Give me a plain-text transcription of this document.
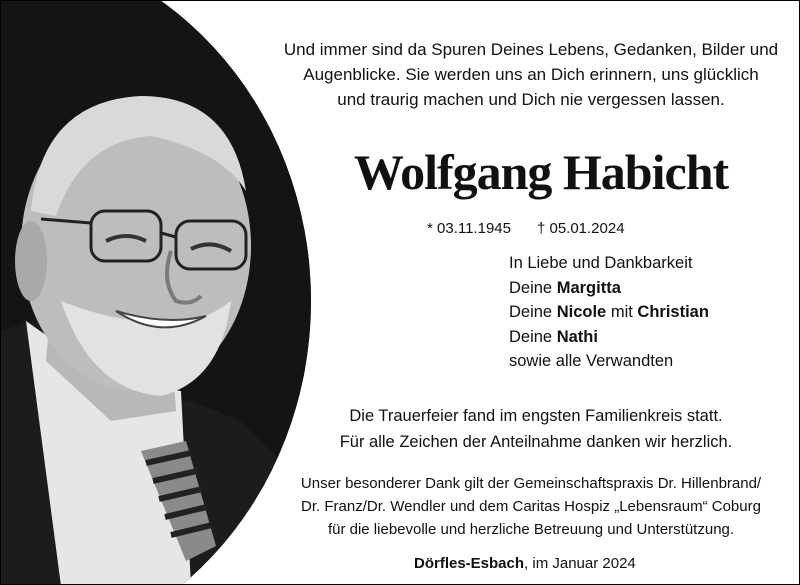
Und immer sind da Spuren Deines Lebens, Gedanken, Bilder und
Augenblicke. Sie werden uns an Dich erinnern, uns glücklich
und traurig machen und Dich nie vergessen lassen.
Wolfgang Habicht
* 03.11.1945 † 05.01.2024
In Liebe und Dankbarkeit
Deine Margitta
Deine Nicole mit Christian
Deine Nathi
sowie alle Verwandten
Die Trauerfeier fand im engsten Familienkreis statt.
Für alle Zeichen der Anteilnahme danken wir herzlich.
Unser besonderer Dank gilt der Gemeinschaftspraxis Dr. Hillenbrand/
Dr. Franz/Dr. Wendler und dem Caritas Hospiz „Lebensraum“ Coburg
für die liebevolle und herzliche Betreuung und Unterstützung.
Dörfles-Esbach, im Januar 2024
